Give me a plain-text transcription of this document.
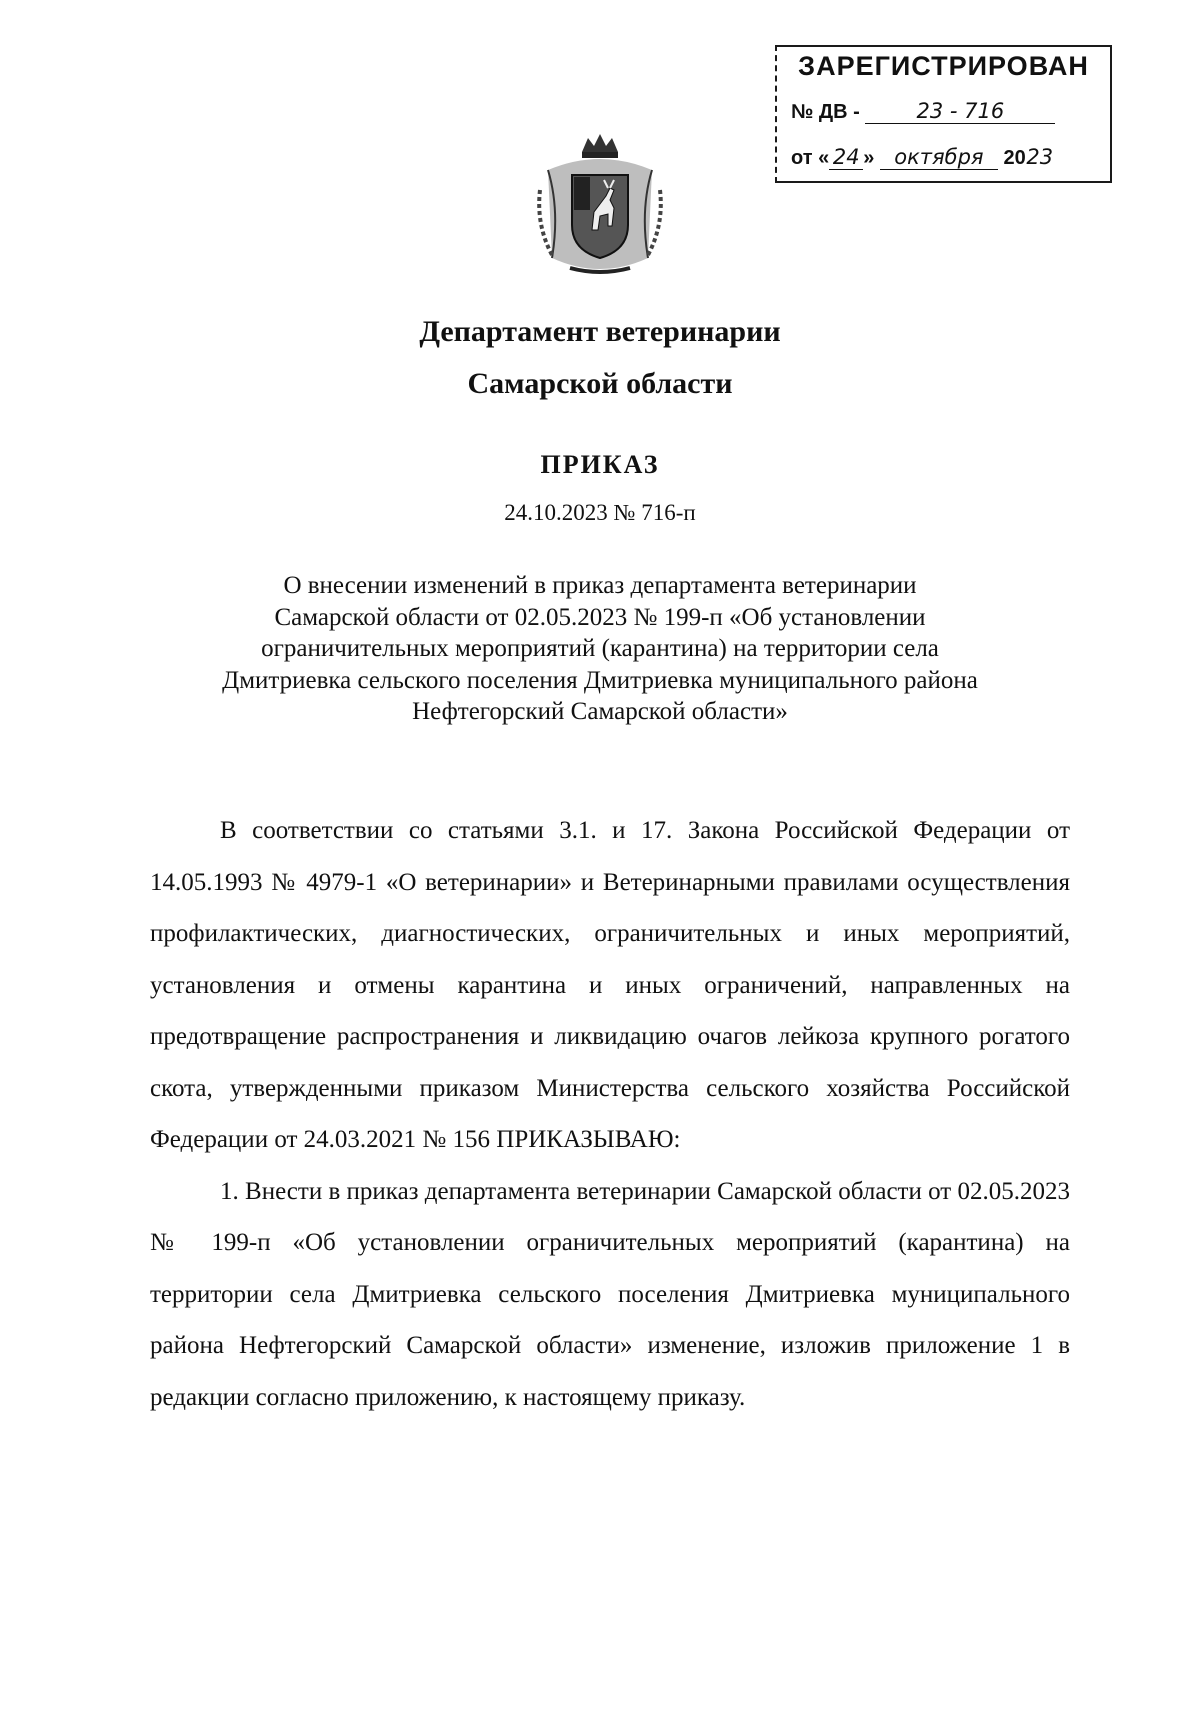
ЗАРЕГИСТРИРОВАН
№ ДВ -	23 - 716
от « 24 » октября 2023
Департамент ветеринарии
Самарской области
ПРИКАЗ
24.10.2023 № 716-п
О внесении изменений в приказ департамента ветеринарии
Самарской области от 02.05.2023 № 199-п «Об установлении
ограничительных мероприятий (карантина) на территории села
Дмитриевка сельского поселения Дмитриевка муниципального района
Нефтегорский Самарской области»

В соответствии со статьями 3.1. и 17. Закона Российской Федерации от 14.05.1993 № 4979-1 «О ветеринарии» и Ветеринарными правилами осуществления профилактических, диагностических, ограничительных и иных мероприятий, установления и отмены карантина и иных ограничений, направленных на предотвращение распространения и ликвидацию очагов лейкоза крупного рогатого скота, утвержденными приказом Министерства сельского хозяйства Российской Федерации от 24.03.2021 № 156 ПРИКАЗЫВАЮ:

1. Внести в приказ департамента ветеринарии Самарской области от 02.05.2023 № 199-п «Об установлении ограничительных мероприятий (карантина) на территории села Дмитриевка сельского поселения Дмитриевка муниципального района Нефтегорский Самарской области» изменение, изложив приложение 1 в редакции согласно приложению, к настоящему приказу.
